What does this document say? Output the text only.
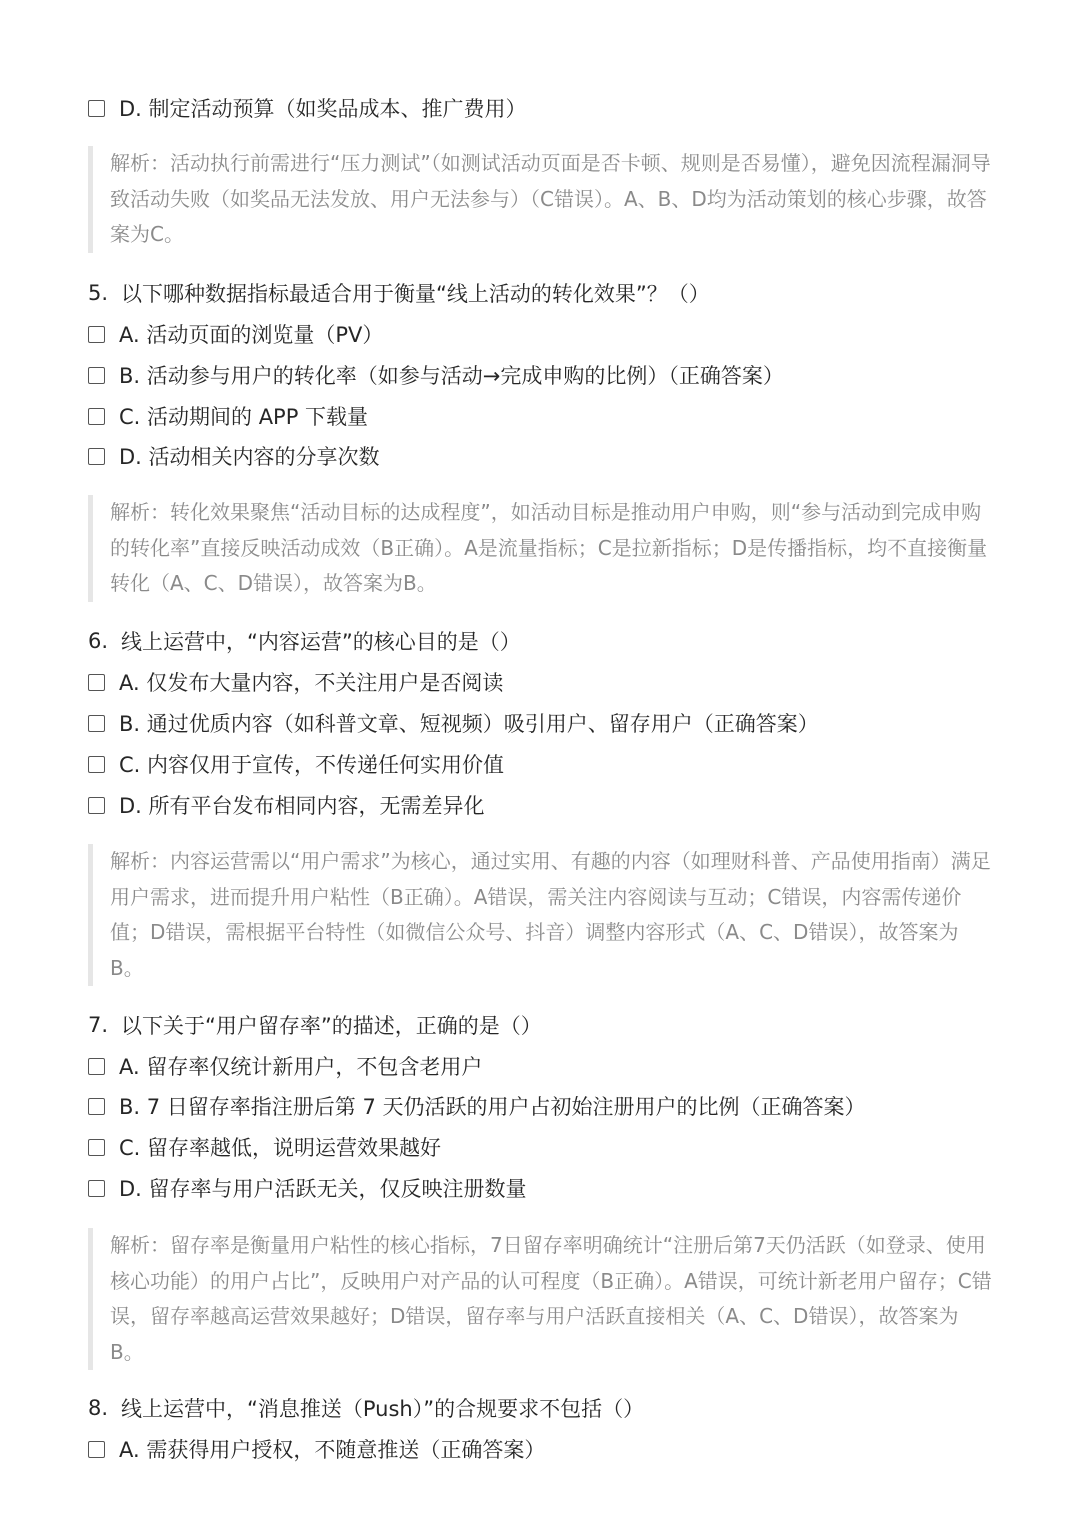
D. 制定活动预算（如奖品成本、推广费用）

解析：活动执行前需进行“压力测试”（如测试活动页面是否卡顿、规则是否易懂），避免因流程漏洞导致活动失败（如奖品无法发放、用户无法参与）（C错误）。A、B、D均为活动策划的核心步骤，故答案为C。

5. 以下哪种数据指标最适合用于衡量“线上活动的转化效果”？（）
A. 活动页面的浏览量（PV）
B. 活动参与用户的转化率（如参与活动→完成申购的比例）（正确答案）
C. 活动期间的 APP 下载量
D. 活动相关内容的分享次数

解析：转化效果聚焦“活动目标的达成程度”，如活动目标是推动用户申购，则“参与活动到完成申购的转化率”直接反映活动成效（B正确）。A是流量指标；C是拉新指标；D是传播指标，均不直接衡量转化（A、C、D错误），故答案为B。

6. 线上运营中，“内容运营”的核心目的是（）
A. 仅发布大量内容，不关注用户是否阅读
B. 通过优质内容（如科普文章、短视频）吸引用户、留存用户（正确答案）
C. 内容仅用于宣传，不传递任何实用价值
D. 所有平台发布相同内容，无需差异化

解析：内容运营需以“用户需求”为核心，通过实用、有趣的内容（如理财科普、产品使用指南）满足用户需求，进而提升用户粘性（B正确）。A错误，需关注内容阅读与互动；C错误，内容需传递价值；D错误，需根据平台特性（如微信公众号、抖音）调整内容形式（A、C、D错误），故答案为B。

7. 以下关于“用户留存率”的描述，正确的是（）
A. 留存率仅统计新用户，不包含老用户
B. 7 日留存率指注册后第 7 天仍活跃的用户占初始注册用户的比例（正确答案）
C. 留存率越低，说明运营效果越好
D. 留存率与用户活跃无关，仅反映注册数量

解析：留存率是衡量用户粘性的核心指标，7日留存率明确统计“注册后第7天仍活跃（如登录、使用核心功能）的用户占比”，反映用户对产品的认可程度（B正确）。A错误，可统计新老用户留存；C错误，留存率越高运营效果越好；D错误，留存率与用户活跃直接相关（A、C、D错误），故答案为B。

8. 线上运营中，“消息推送（Push）”的合规要求不包括（）
A. 需获得用户授权，不随意推送（正确答案）
